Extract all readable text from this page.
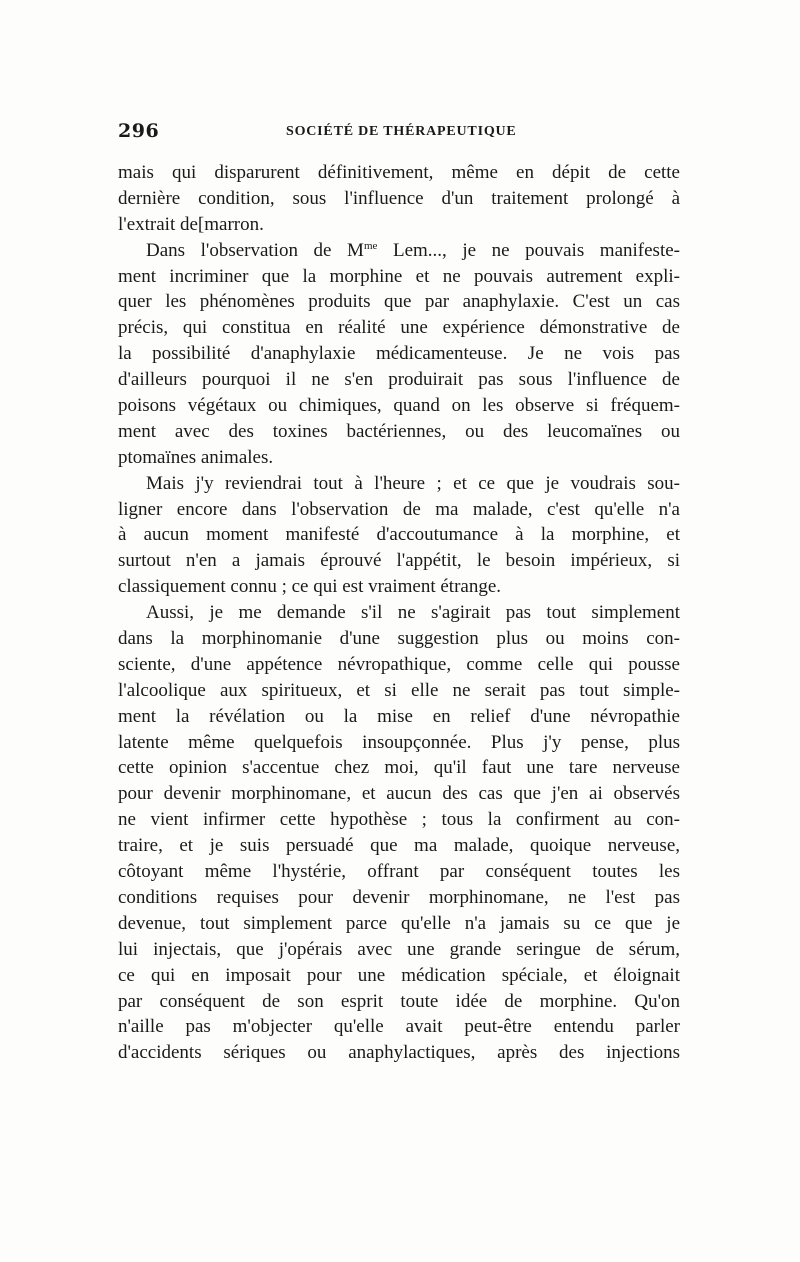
296	SOCIÉTÉ DE THÉRAPEUTIQUE
mais qui disparurent définitivement, même en dépit de cette
dernière condition, sous l'influence d'un traitement prolongé à
l'extrait de[marron.
Dans l'observation de $M^{me}$ Lem..., je ne pouvais manifeste-
ment incriminer que la morphine et ne pouvais autrement expli-
quer les phénomènes produits que par anaphylaxie. C'est un cas
précis, qui constitua en réalité une expérience démonstrative de
la possibilité d'anaphylaxie médicamenteuse. Je ne vois pas
d'ailleurs pourquoi il ne s'en produirait pas sous l'influence de
poisons végétaux ou chimiques, quand on les observe si fréquem-
ment avec des toxines bactériennes, ou des leucomaïnes ou
ptomaïnes animales.
Mais j'y reviendrai tout à l'heure ; et ce que je voudrais sou-
ligner encore dans l'observation de ma malade, c'est qu'elle n'a
à aucun moment manifesté d'accoutumance à la morphine, et
surtout n'en a jamais éprouvé l'appétit, le besoin impérieux, si
classiquement connu ; ce qui est vraiment étrange.
Aussi, je me demande s'il ne s'agirait pas tout simplement
dans la morphinomanie d'une suggestion plus ou moins con-
sciente, d'une appétence névropathique, comme celle qui pousse
l'alcoolique aux spiritueux, et si elle ne serait pas tout simple-
ment la révélation ou la mise en relief d'une névropathie
latente même quelquefois insoupçonnée. Plus j'y pense, plus
cette opinion s'accentue chez moi, qu'il faut une tare nerveuse
pour devenir morphinomane, et aucun des cas que j'en ai observés
ne vient infirmer cette hypothèse ; tous la confirment au con-
traire, et je suis persuadé que ma malade, quoique nerveuse,
côtoyant même l'hystérie, offrant par conséquent toutes les
conditions requises pour devenir morphinomane, ne l'est pas
devenue, tout simplement parce qu'elle n'a jamais su ce que je
lui injectais, que j'opérais avec une grande seringue de sérum,
ce qui en imposait pour une médication spéciale, et éloignait
par conséquent de son esprit toute idée de morphine. Qu'on
n'aille pas m'objecter qu'elle avait peut-être entendu parler
d'accidents sériques ou anaphylactiques, après des injections
